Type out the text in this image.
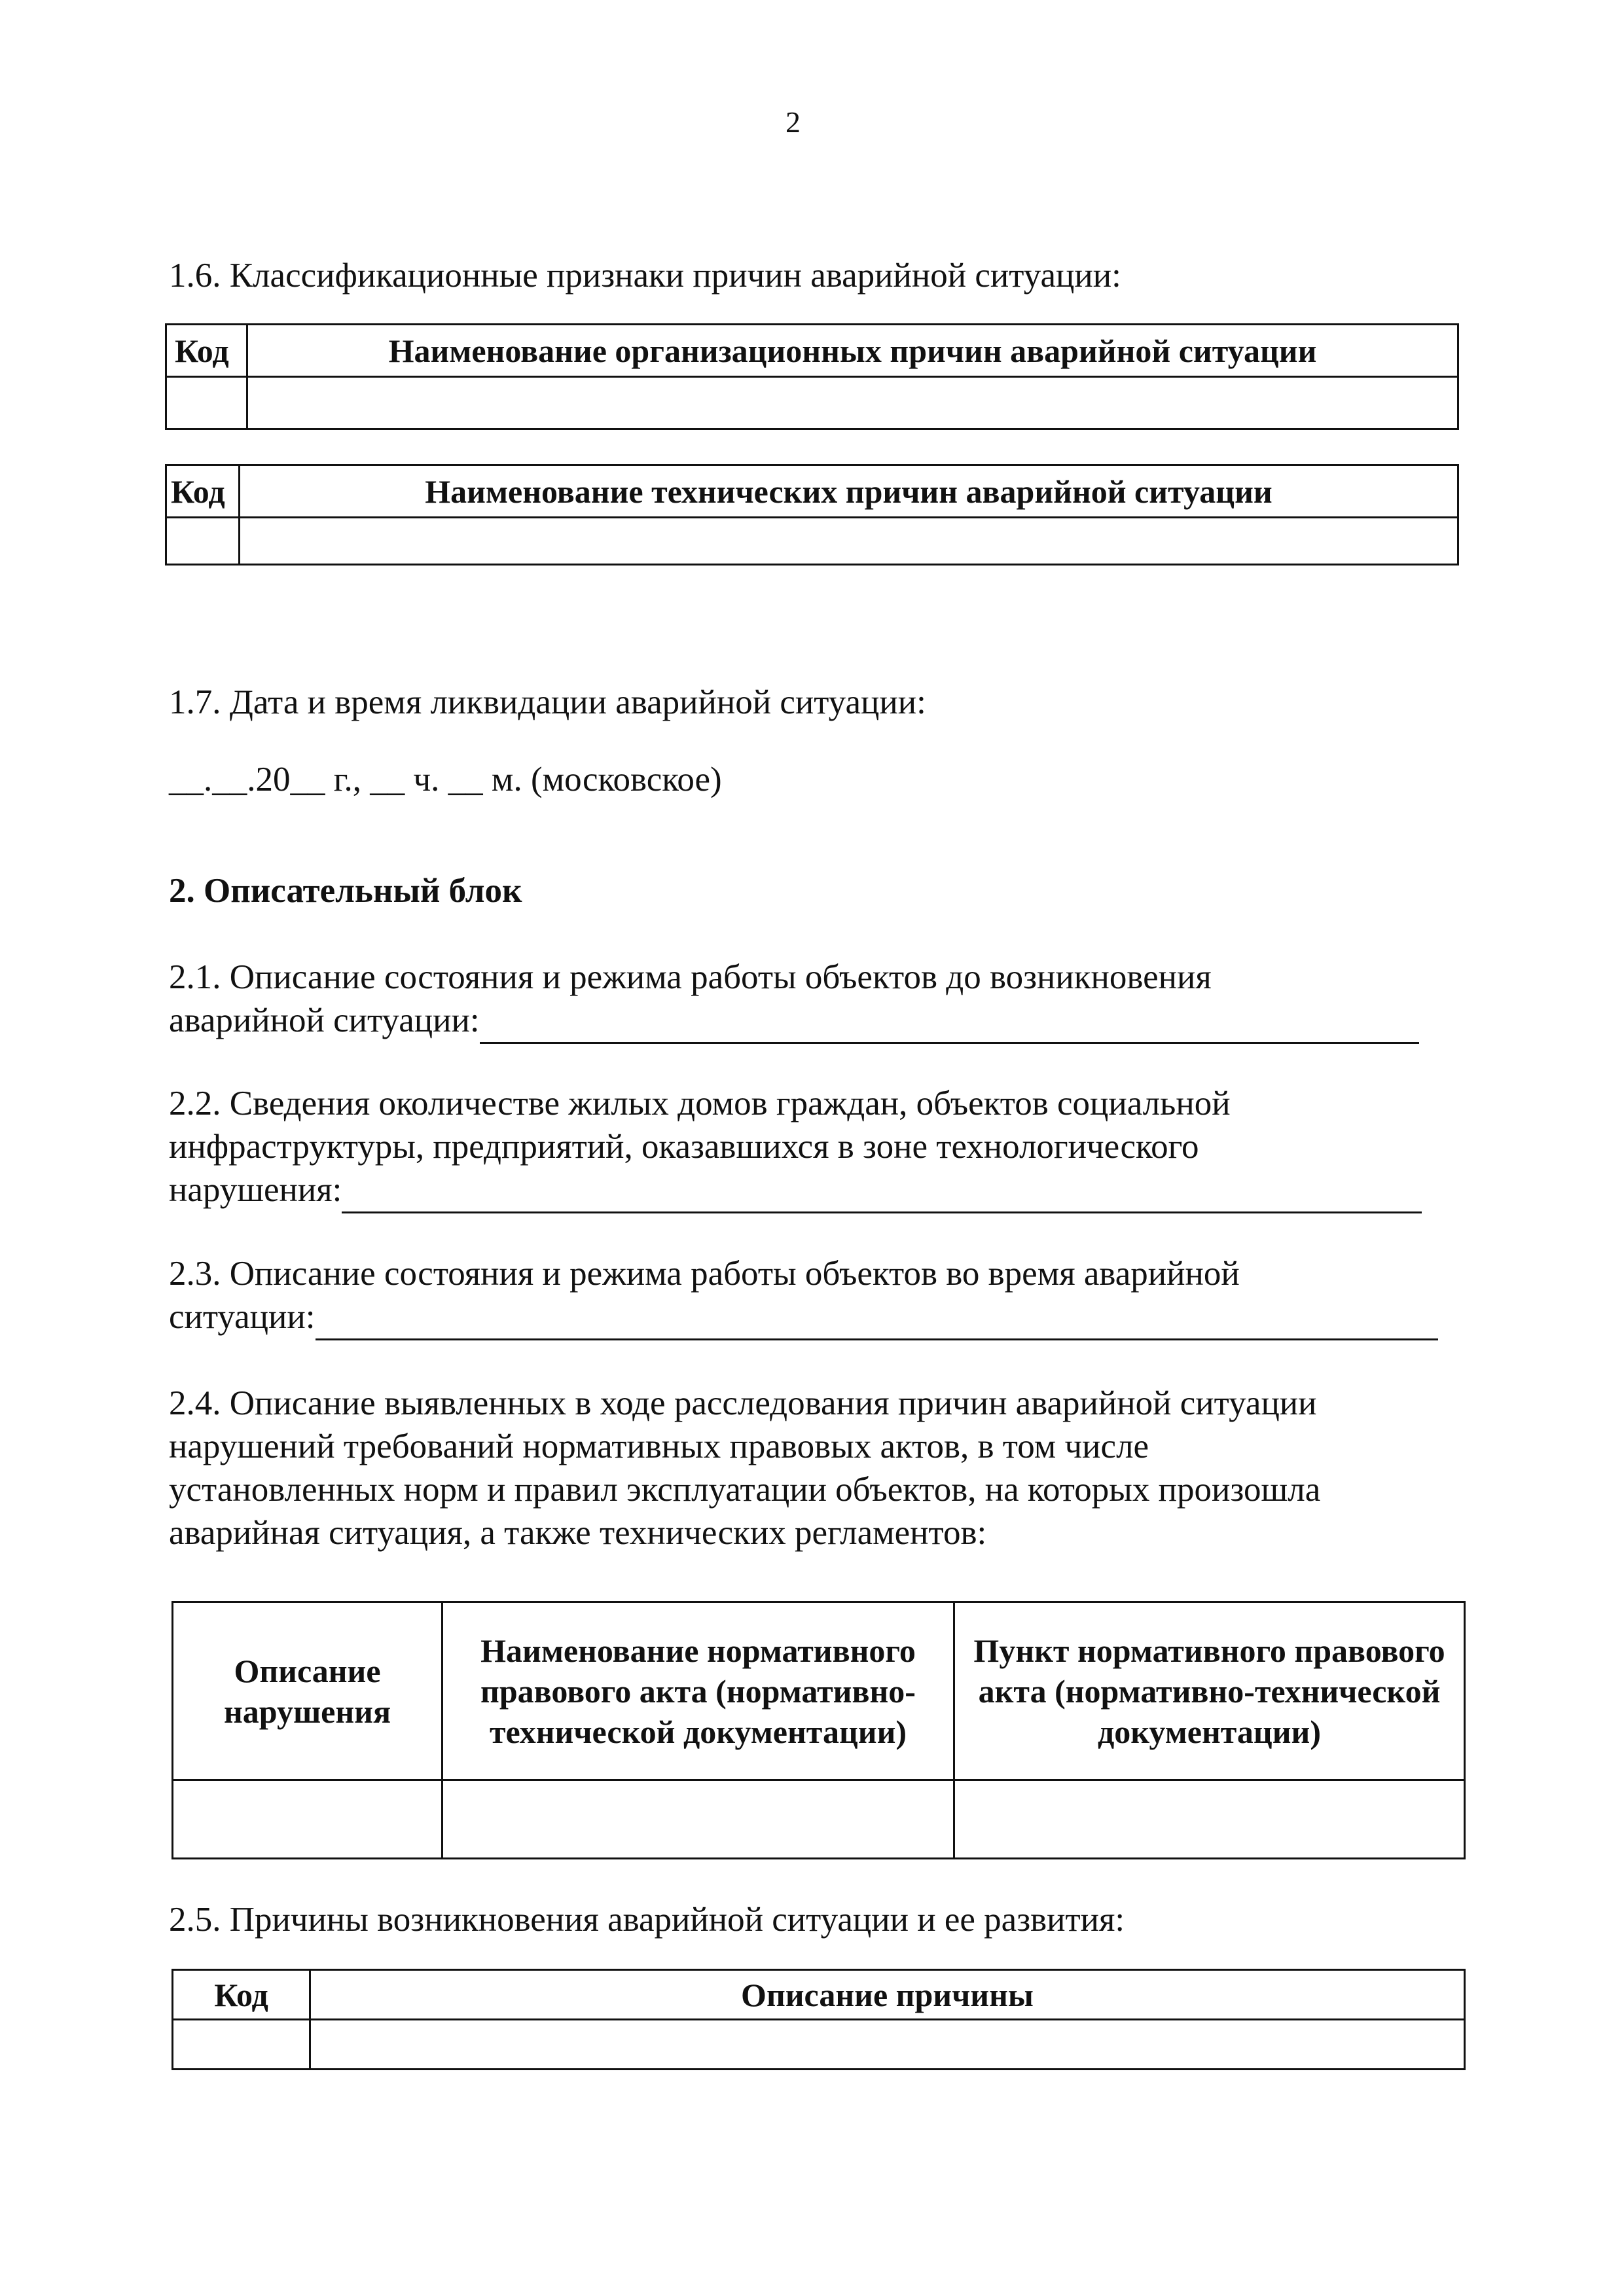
2
1.6. Классификационные признаки причин аварийной ситуации:
Код	Наименование организационных причин аварийной ситуации

Код	Наименование технических причин аварийной ситуации

1.7. Дата и время ликвидации аварийной ситуации:
__.__.20__ г., __ ч. __ м. (московское)
2. Описательный блок
2.1. Описание состояния и режима работы объектов до возникновения
аварийной ситуации:
2.2. Сведения околичестве жилых домов граждан, объектов социальной
инфраструктуры, предприятий, оказавшихся в зоне технологического
нарушения:
2.3. Описание состояния и режима работы объектов во время аварийной
ситуации:
2.4. Описание выявленных в ходе расследования причин аварийной ситуации
нарушений требований нормативных правовых актов, в том числе
установленных норм и правил эксплуатации объектов, на которых произошла
аварийная ситуация, а также технических регламентов:
Описание нарушения	Наименование нормативного правового акта (нормативно-технической документации)	Пункт нормативного правового акта (нормативно-технической документации)

2.5. Причины возникновения аварийной ситуации и ее развития:
Код	Описание причины
